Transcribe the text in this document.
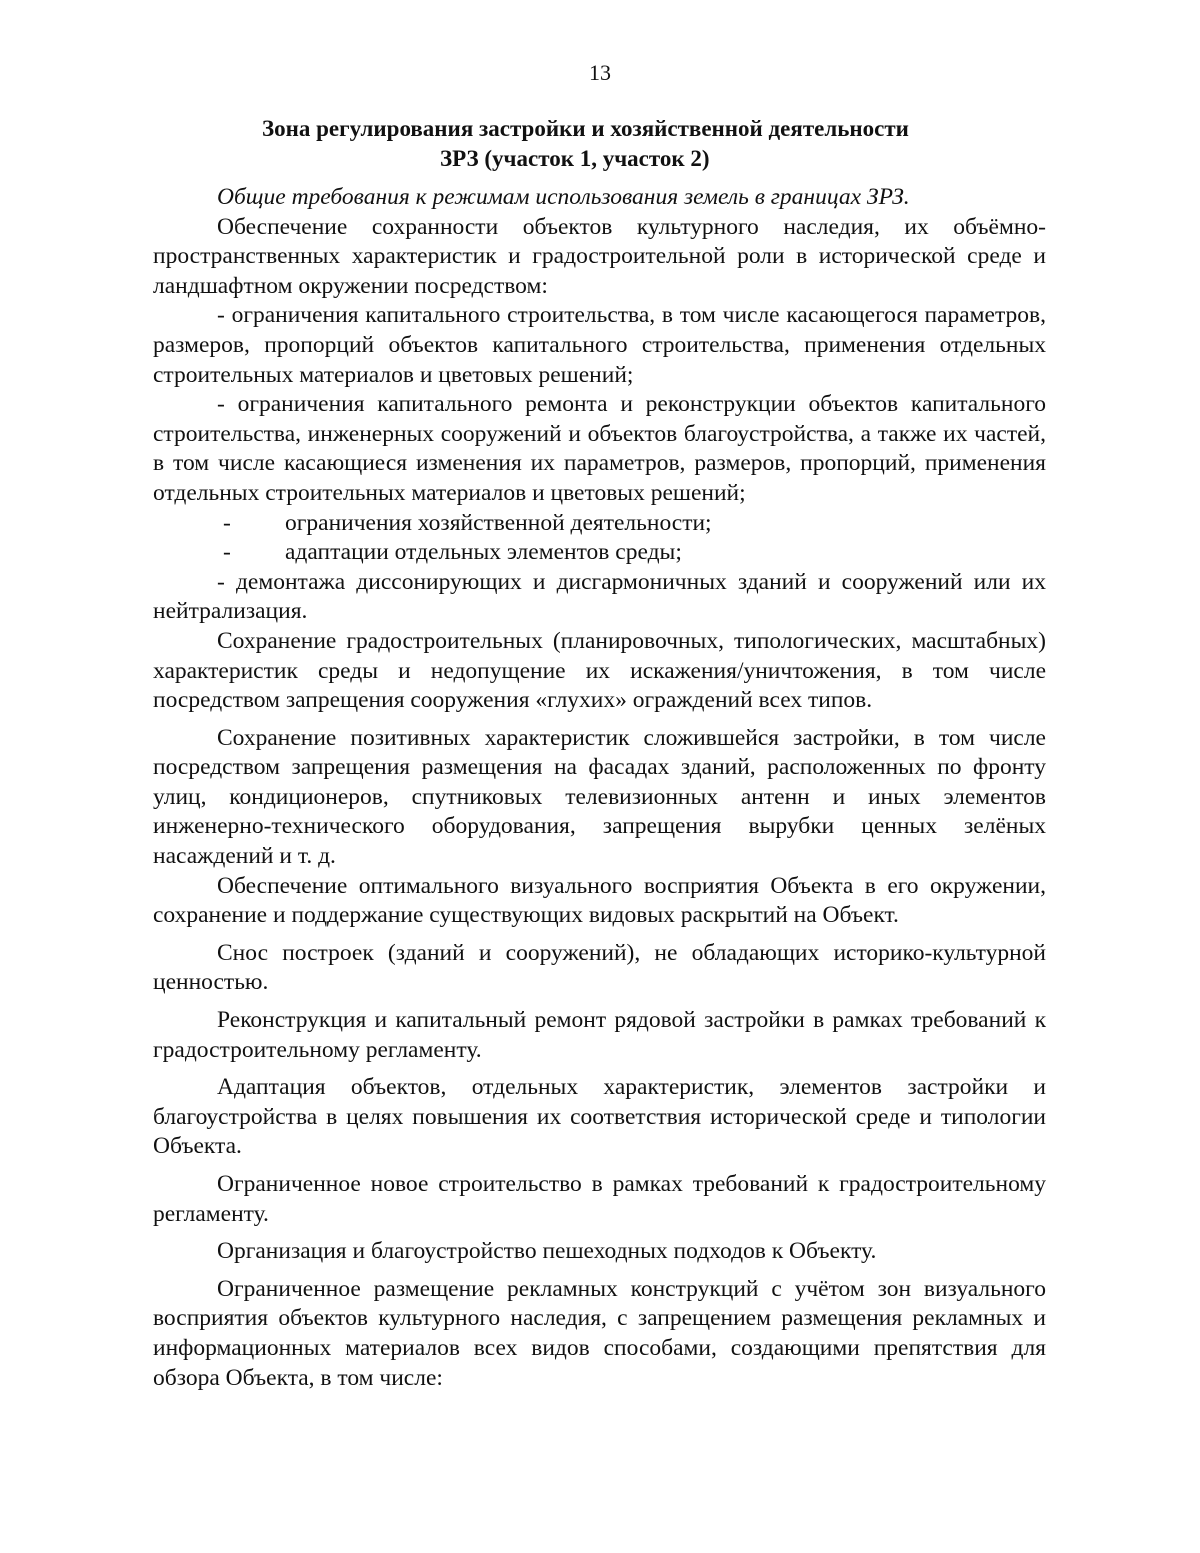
13
Зона регулирования застройки и хозяйственной деятельности
ЗРЗ (участок 1, участок 2)

Общие требования к режимам использования земель в границах ЗРЗ.

Обеспечение сохранности объектов культурного наследия, их объёмно-пространственных характеристик и градостроительной роли в исторической среде и ландшафтном окружении посредством:

- ограничения капитального строительства, в том числе касающегося параметров, размеров, пропорций объектов капитального строительства, применения отдельных строительных материалов и цветовых решений;

- ограничения капитального ремонта и реконструкции объектов капитального строительства, инженерных сооружений и объектов благоустройства, а также их частей, в том числе касающиеся изменения их параметров, размеров, пропорций, применения отдельных строительных материалов и цветовых решений;

- ограничения хозяйственной деятельности;

- адаптации отдельных элементов среды;

- демонтажа диссонирующих и дисгармоничных зданий и сооружений или их нейтрализация.

Сохранение градостроительных (планировочных, типологических, масштабных) характеристик среды и недопущение их искажения/уничтожения, в том числе посредством запрещения сооружения «глухих» ограждений всех типов.

Сохранение позитивных характеристик сложившейся застройки, в том числе посредством запрещения размещения на фасадах зданий, расположенных по фронту улиц, кондиционеров, спутниковых телевизионных антенн и иных элементов инженерно-технического оборудования, запрещения вырубки ценных зелёных насаждений и т. д.

Обеспечение оптимального визуального восприятия Объекта в его окружении, сохранение и поддержание существующих видовых раскрытий на Объект.

Снос построек (зданий и сооружений), не обладающих историко-культурной ценностью.

Реконструкция и капитальный ремонт рядовой застройки в рамках требований к градостроительному регламенту.

Адаптация объектов, отдельных характеристик, элементов застройки и благоустройства в целях повышения их соответствия исторической среде и типологии Объекта.

Ограниченное новое строительство в рамках требований к градостроительному регламенту.

Организация и благоустройство пешеходных подходов к Объекту.

Ограниченное размещение рекламных конструкций с учётом зон визуального восприятия объектов культурного наследия, с запрещением размещения рекламных и информационных материалов всех видов способами, создающими препятствия для обзора Объекта, в том числе:
